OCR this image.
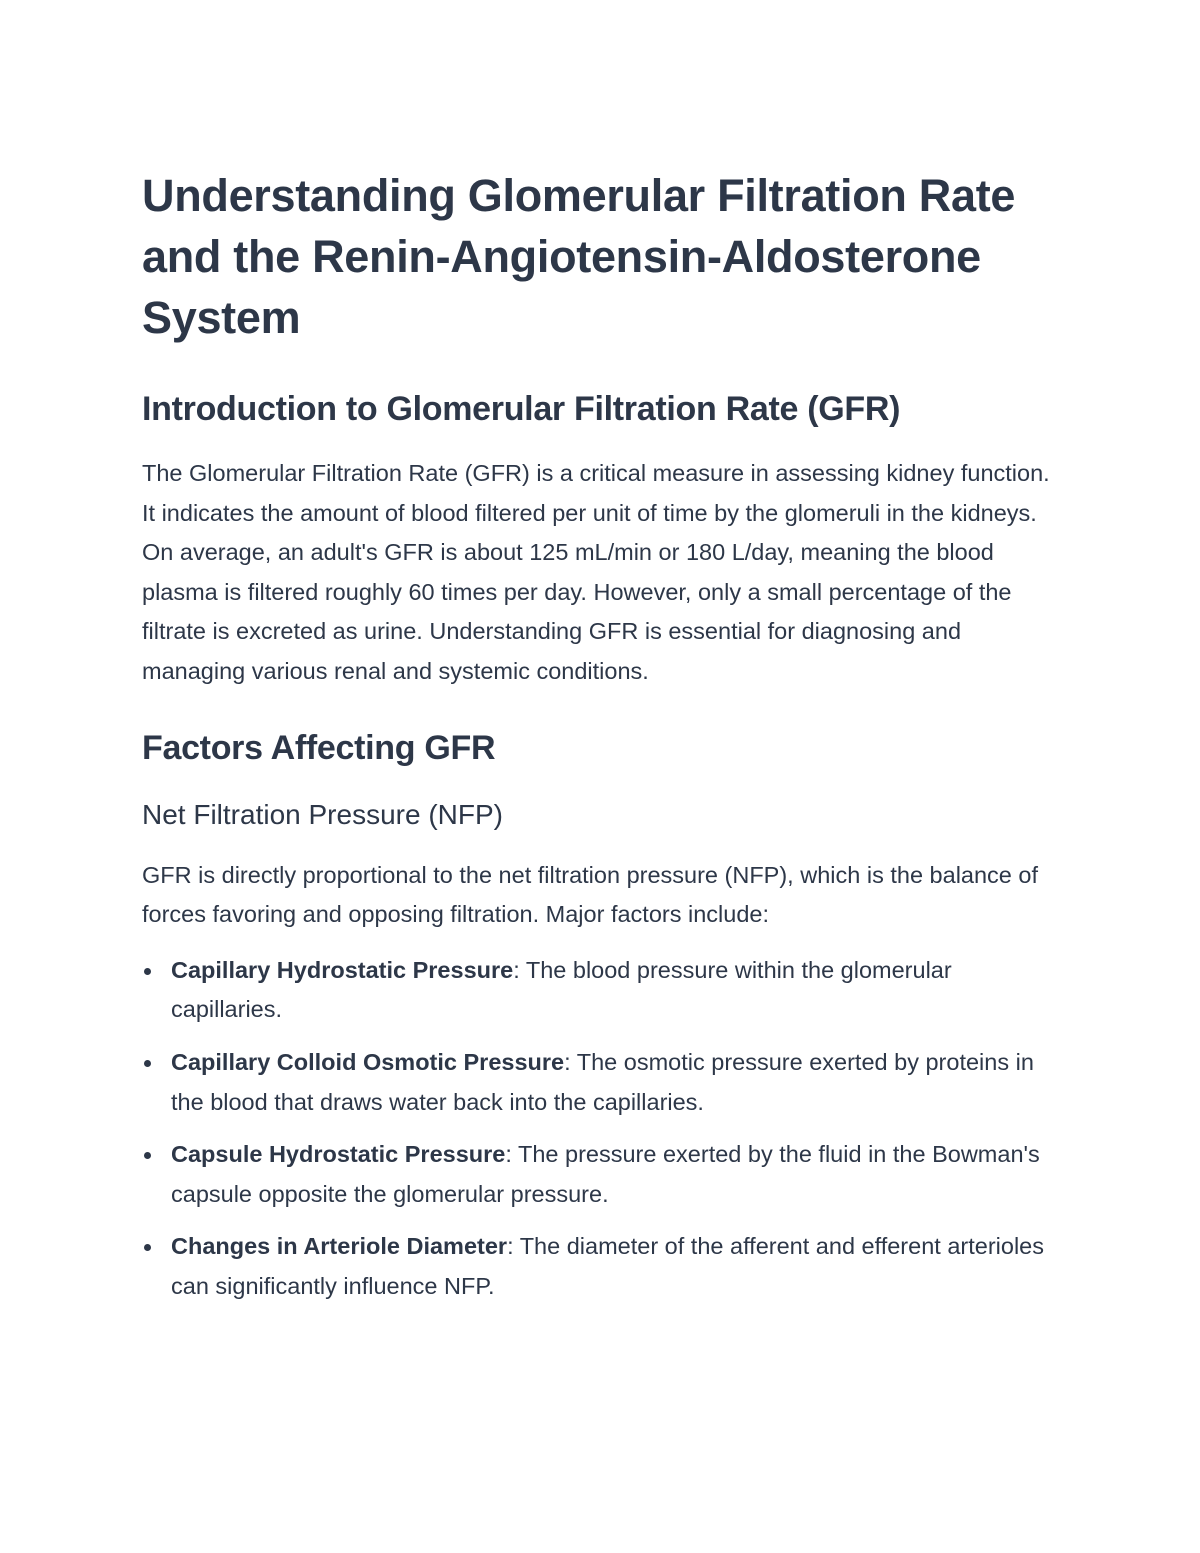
Understanding Glomerular Filtration Rate and the Renin-Angiotensin-Aldosterone System
Introduction to Glomerular Filtration Rate (GFR)

The Glomerular Filtration Rate (GFR) is a critical measure in assessing kidney function. It indicates the amount of blood filtered per unit of time by the glomeruli in the kidneys. On average, an adult's GFR is about 125 mL/min or 180 L/day, meaning the blood plasma is filtered roughly 60 times per day. However, only a small percentage of the filtrate is excreted as urine. Understanding GFR is essential for diagnosing and managing various renal and systemic conditions.

Factors Affecting GFR
Net Filtration Pressure (NFP)

GFR is directly proportional to the net filtration pressure (NFP), which is the balance of forces favoring and opposing filtration. Major factors include:

Capillary Hydrostatic Pressure: The blood pressure within the glomerular capillaries.
Capillary Colloid Osmotic Pressure: The osmotic pressure exerted by proteins in the blood that draws water back into the capillaries.
Capsule Hydrostatic Pressure: The pressure exerted by the fluid in the Bowman's capsule opposite the glomerular pressure.
Changes in Arteriole Diameter: The diameter of the afferent and efferent arterioles can significantly influence NFP.
